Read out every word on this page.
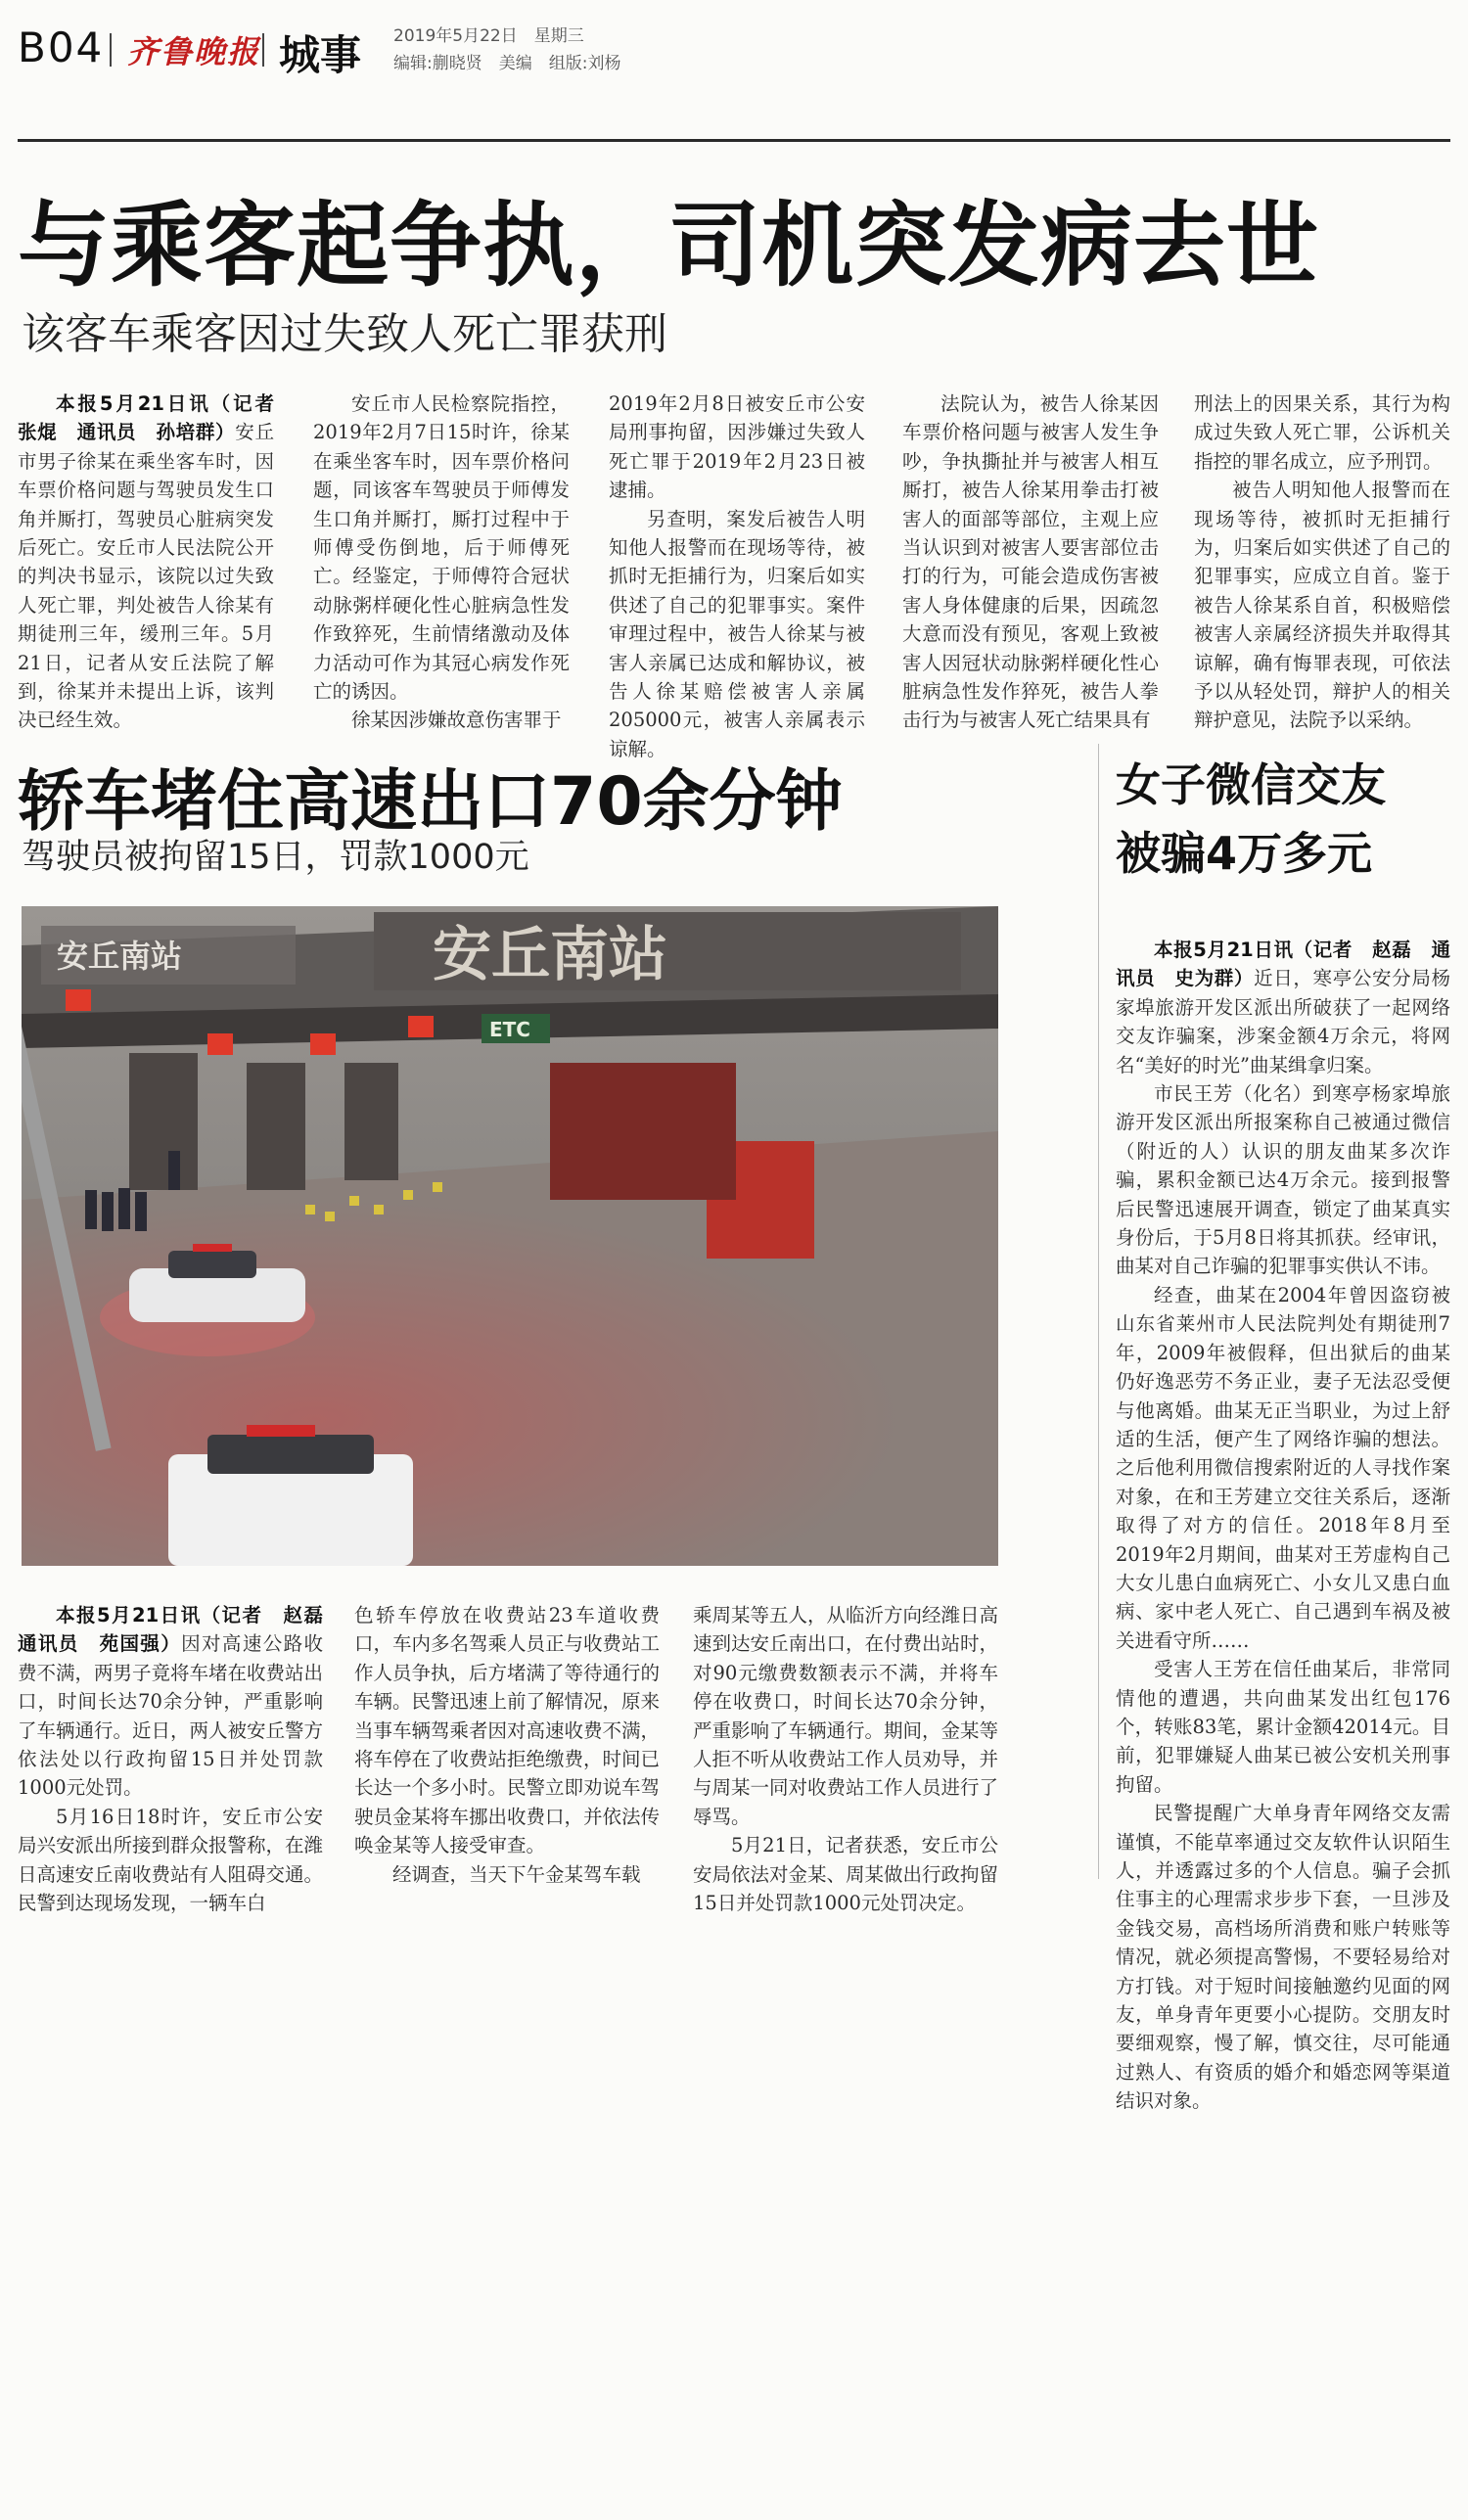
B04 齐鲁晚报 城事 2019年5月22日　星期三
编辑:蒯晓贤　美编　组版:刘杨
与乘客起争执，司机突发病去世
该客车乘客因过失致人死亡罪获刑

本报5月21日讯（记者　张焜　通讯员　孙培群）安丘市男子徐某在乘坐客车时，因车票价格问题与驾驶员发生口角并厮打，驾驶员心脏病突发后死亡。安丘市人民法院公开的判决书显示，该院以过失致人死亡罪，判处被告人徐某有期徒刑三年，缓刑三年。5月21日，记者从安丘法院了解到，徐某并未提出上诉，该判决已经生效。

安丘市人民检察院指控，2019年2月7日15时许，徐某在乘坐客车时，因车票价格问题，同该客车驾驶员于师傅发生口角并厮打，厮打过程中于师傅受伤倒地，后于师傅死亡。经鉴定，于师傅符合冠状动脉粥样硬化性心脏病急性发作致猝死，生前情绪激动及体力活动可作为其冠心病发作死亡的诱因。

徐某因涉嫌故意伤害罪于

2019年2月8日被安丘市公安局刑事拘留，因涉嫌过失致人死亡罪于2019年2月23日被逮捕。

另查明，案发后被告人明知他人报警而在现场等待，被抓时无拒捕行为，归案后如实供述了自己的犯罪事实。案件审理过程中，被告人徐某与被害人亲属已达成和解协议，被告人徐某赔偿被害人亲属205000元，被害人亲属表示谅解。

法院认为，被告人徐某因车票价格问题与被害人发生争吵，争执撕扯并与被害人相互厮打，被告人徐某用拳击打被害人的面部等部位，主观上应当认识到对被害人要害部位击打的行为，可能会造成伤害被害人身体健康的后果，因疏忽大意而没有预见，客观上致被害人因冠状动脉粥样硬化性心脏病急性发作猝死，被告人拳击行为与被害人死亡结果具有

刑法上的因果关系，其行为构成过失致人死亡罪，公诉机关指控的罪名成立，应予刑罚。

被告人明知他人报警而在现场等待，被抓时无拒捕行为，归案后如实供述了自己的犯罪事实，应成立自首。鉴于被告人徐某系自首，积极赔偿被害人亲属经济损失并取得其谅解，确有悔罪表现，可依法予以从轻处罚，辩护人的相关辩护意见，法院予以采纳。

轿车堵住高速出口70余分钟
驾驶员被拘留15日，罚款1000元
安丘南站	安丘南站
ETC

本报5月21日讯（记者　赵磊　通讯员　苑国强）因对高速公路收费不满，两男子竟将车堵在收费站出口，时间长达70余分钟，严重影响了车辆通行。近日，两人被安丘警方依法处以行政拘留15日并处罚款1000元处罚。

5月16日18时许，安丘市公安局兴安派出所接到群众报警称，在潍日高速安丘南收费站有人阻碍交通。民警到达现场发现，一辆车白

色轿车停放在收费站23车道收费口，车内多名驾乘人员正与收费站工作人员争执，后方堵满了等待通行的车辆。民警迅速上前了解情况，原来当事车辆驾乘者因对高速收费不满，将车停在了收费站拒绝缴费，时间已长达一个多小时。民警立即劝说车驾驶员金某将车挪出收费口，并依法传唤金某等人接受审查。

经调查，当天下午金某驾车载

乘周某等五人，从临沂方向经潍日高速到达安丘南出口，在付费出站时，对90元缴费数额表示不满，并将车停在收费口，时间长达70余分钟，严重影响了车辆通行。期间，金某等人拒不听从收费站工作人员劝导，并与周某一同对收费站工作人员进行了辱骂。

5月21日，记者获悉，安丘市公安局依法对金某、周某做出行政拘留15日并处罚款1000元处罚决定。

女子微信交友
被骗4万多元

本报5月21日讯（记者　赵磊　通讯员　史为群）近日，寒亭公安分局杨家埠旅游开发区派出所破获了一起网络交友诈骗案，涉案金额4万余元，将网名“美好的时光”曲某缉拿归案。

市民王芳（化名）到寒亭杨家埠旅游开发区派出所报案称自己被通过微信（附近的人）认识的朋友曲某多次诈骗，累积金额已达4万余元。接到报警后民警迅速展开调查，锁定了曲某真实身份后，于5月8日将其抓获。经审讯，曲某对自己诈骗的犯罪事实供认不讳。

经查，曲某在2004年曾因盗窃被山东省莱州市人民法院判处有期徒刑7年，2009年被假释，但出狱后的曲某仍好逸恶劳不务正业，妻子无法忍受便与他离婚。曲某无正当职业，为过上舒适的生活，便产生了网络诈骗的想法。之后他利用微信搜索附近的人寻找作案对象，在和王芳建立交往关系后，逐渐取得了对方的信任。2018年8月至2019年2月期间，曲某对王芳虚构自己大女儿患白血病死亡、小女儿又患白血病、家中老人死亡、自己遇到车祸及被关进看守所……

受害人王芳在信任曲某后，非常同情他的遭遇，共向曲某发出红包176个，转账83笔，累计金额42014元。目前，犯罪嫌疑人曲某已被公安机关刑事拘留。

民警提醒广大单身青年网络交友需谨慎，不能草率通过交友软件认识陌生人，并透露过多的个人信息。骗子会抓住事主的心理需求步步下套，一旦涉及金钱交易，高档场所消费和账户转账等情况，就必须提高警惕，不要轻易给对方打钱。对于短时间接触邀约见面的网友，单身青年更要小心提防。交朋友时要细观察，慢了解，慎交往，尽可能通过熟人、有资质的婚介和婚恋网等渠道结识对象。
